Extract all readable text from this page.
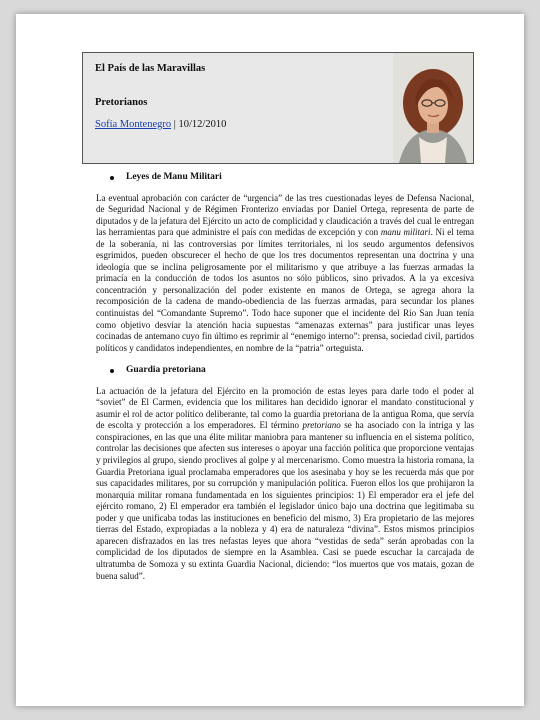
El País de las Maravillas
Pretorianos
Sofía Montenegro | 10/12/2010
Leyes de Manu Militari

La eventual aprobación con carácter de “urgencia” de las tres cuestionadas leyes de Defensa Nacional, de Seguridad Nacional y de Régimen Fronterizo enviadas por Daniel Ortega, representa de parte de diputados y de la jefatura del Ejército un acto de complicidad y claudicación a través del cual le entregan las herramientas para que administre el país con medidas de excepción y con manu militari. Ni el tema de la soberanía, ni las controversias por límites territoriales, ni los seudo argumentos defensivos esgrimidos, pueden obscurecer el hecho de que los tres documentos representan una doctrina y una ideología que se inclina peligrosamente por el militarismo y que atribuye a las fuerzas armadas la primacía en la conducción de todos los asuntos no sólo públicos, sino privados. A la ya excesiva concentración y personalización del poder existente en manos de Ortega, se agrega ahora la recomposición de la cadena de mando-obediencia de las fuerzas armadas, para secundar los planes continuistas del “Comandante Supremo”. Todo hace suponer que el incidente del Río San Juan tenía como objetivo desviar la atención hacia supuestas “amenazas externas” para justificar unas leyes cocinadas de antemano cuyo fin último es reprimir al “enemigo interno”: prensa, sociedad civil, partidos políticos y candidatos independientes, en nombre de la “patria” orteguista.

Guardia pretoriana

La actuación de la jefatura del Ejército en la promoción de estas leyes para darle todo el poder al “soviet” de El Carmen, evidencia que los militares han decidido ignorar el mandato constitucional y asumir el rol de actor político deliberante, tal como la guardia pretoriana de la antigua Roma, que servía de escolta y protección a los emperadores. El término pretoriano se ha asociado con la intriga y las conspiraciones, en las que una élite militar maniobra para mantener su influencia en el sistema político, controlar las decisiones que afecten sus intereses o apoyar una facción política que proporcione ventajas y privilegios al grupo, siendo proclives al golpe y al mercenarismo. Como muestra la historia romana, la Guardia Pretoriana igual proclamaba emperadores que los asesinaba y hoy se les recuerda más que por sus capacidades militares, por su corrupción y manipulación política. Fueron ellos los que prohijaron la monarquía militar romana fundamentada en los siguientes principios: 1) El emperador era el jefe del ejército romano, 2) El emperador era también el legislador único bajo una doctrina que legitimaba su poder y que unificaba todas las instituciones en beneficio del mismo, 3) Era propietario de las mejores tierras del Estado, expropiadas a la nobleza y 4) era de naturaleza “divina”. Estos mismos principios aparecen disfrazados en las tres nefastas leyes que ahora “vestidas de seda” serán aprobadas con la complicidad de los diputados de siempre en la Asamblea. Casi se puede escuchar la carcajada de ultratumba de Somoza y su extinta Guardia Nacional, diciendo: “los muertos que vos matais, gozan de buena salud”.
